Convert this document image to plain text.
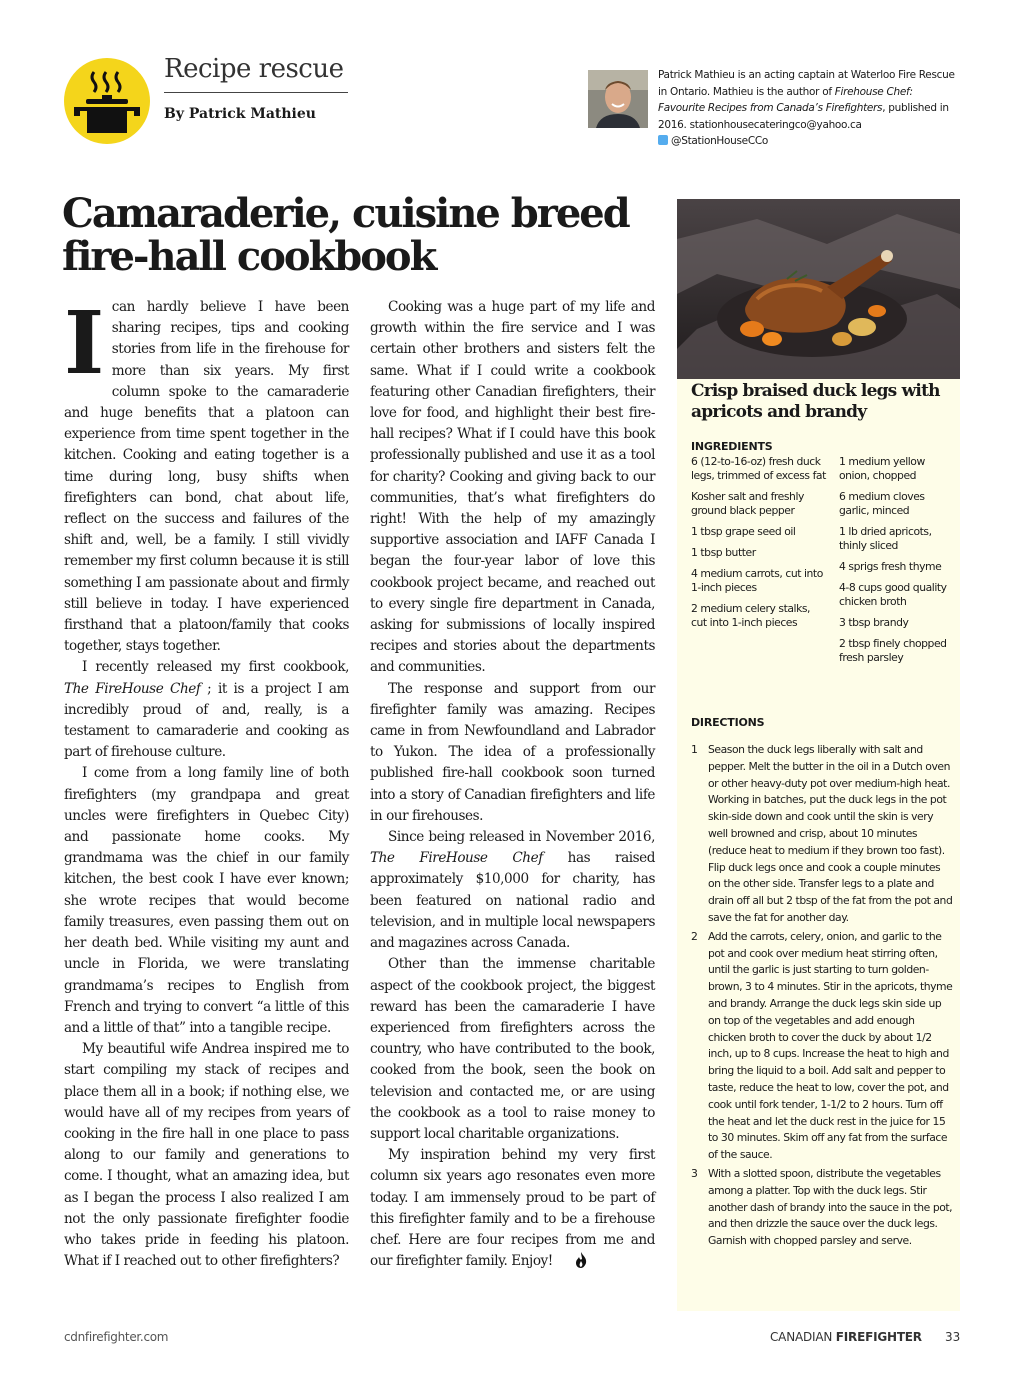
Recipe rescue
By Patrick Mathieu
Patrick Mathieu is an acting captain at Waterloo Fire Rescue in Ontario. Mathieu is the author of Firehouse Chef: Favourite Recipes from Canada’s Firefighters, published in 2016. stationhousecateringco@yahoo.ca
@StationHouseCCo
Camaraderie, cuisine breed fire-hall cookbook

Ican hardly believe I have been sharing recipes, tips and cooking stories from life in the firehouse for more than six years. My first column spoke to the camaraderie and huge benefits that a platoon can experience from time spent together in the kitchen. Cooking and eating together is a time during long, busy shifts when firefighters can bond, chat about life, reflect on the success and failures of the shift and, well, be a family. I still vividly remember my first column because it is still something I am passionate about and firmly still believe in today. I have experienced firsthand that a platoon/family that cooks together, stays together.

I recently released my first cookbook, The FireHouse Chef ; it is a project I am incredibly proud of and, really, is a testament to camaraderie and cooking as part of firehouse culture.

I come from a long family line of both firefighters (my grandpapa and great uncles were firefighters in Quebec City) and passionate home cooks. My grandmama was the chief in our family kitchen, the best cook I have ever known; she wrote recipes that would become family treasures, even passing them out on her death bed. While visiting my aunt and uncle in Florida, we were translating grandmama’s recipes to English from French and trying to convert “a little of this and a little of that” into a tangible recipe.

My beautiful wife Andrea inspired me to start compiling my stack of recipes and place them all in a book; if nothing else, we would have all of my recipes from years of cooking in the fire hall in one place to pass along to our family and generations to come. I thought, what an amazing idea, but as I began the process I also realized I am not the only passionate firefighter foodie who takes pride in feeding his platoon. What if I reached out to other firefighters?

Cooking was a huge part of my life and growth within the fire service and I was certain other brothers and sisters felt the same. What if I could write a cookbook featuring other Canadian firefighters, their love for food, and highlight their best fire-hall recipes? What if I could have this book professionally published and use it as a tool for charity? Cooking and giving back to our communities, that’s what firefighters do right! With the help of my amazingly supportive association and IAFF Canada I began the four-year labor of love this cookbook project became, and reached out to every single fire department in Canada, asking for submissions of locally inspired recipes and stories about the departments and communities.

The response and support from our firefighter family was amazing. Recipes came in from Newfoundland and Labrador to Yukon. The idea of a professionally published fire-hall cookbook soon turned into a story of Canadian firefighters and life in our firehouses.

Since being released in November 2016, The FireHouse Chef has raised approximately $10,000 for charity, has been featured on national radio and television, and in multiple local newspapers and magazines across Canada.

Other than the immense charitable aspect of the cookbook project, the biggest reward has been the camaraderie I have experienced from firefighters across the country, who have contributed to the book, cooked from the book, seen the book on television and contacted me, or are using the cookbook as a tool to raise money to support local charitable organizations.

My inspiration behind my very first column six years ago resonates even more today. I am immensely proud to be part of this firefighter family and to be a firehouse chef. Here are four recipes from me and our firefighter family. Enjoy!

Crisp braised duck legs with apricots and brandy
INGREDIENTS
6 (12-to-16-oz) fresh duck legs, trimmed of excess fat
Kosher salt and freshly ground black pepper
1 tbsp grape seed oil
1 tbsp butter
4 medium carrots, cut into 1-inch pieces
2 medium celery stalks, cut into 1-inch pieces
1 medium yellow onion, chopped
6 medium cloves garlic, minced
1 lb dried apricots, thinly sliced
4 sprigs fresh thyme
4-8 cups good quality chicken broth
3 tbsp brandy
2 tbsp finely chopped fresh parsley
DIRECTIONS
1 Season the duck legs liberally with salt and pepper. Melt the butter in the oil in a Dutch oven or other heavy-duty pot over medium-high heat. Working in batches, put the duck legs in the pot skin-side down and cook until the skin is very well browned and crisp, about 10 minutes (reduce heat to medium if they brown too fast). Flip duck legs once and cook a couple minutes on the other side. Transfer legs to a plate and drain off all but 2 tbsp of the fat from the pot and save the fat for another day.
2 Add the carrots, celery, onion, and garlic to the pot and cook over medium heat stirring often, until the garlic is just starting to turn golden-brown, 3 to 4 minutes. Stir in the apricots, thyme and brandy. Arrange the duck legs skin side up on top of the vegetables and add enough chicken broth to cover the duck by about 1/2 inch, up to 8 cups. Increase the heat to high and bring the liquid to a boil. Add salt and pepper to taste, reduce the heat to low, cover the pot, and cook until fork tender, 1-1/2 to 2 hours. Turn off the heat and let the duck rest in the juice for 15 to 30 minutes. Skim off any fat from the surface of the sauce.
3 With a slotted spoon, distribute the vegetables among a platter. Top with the duck legs. Stir another dash of brandy into the sauce in the pot, and then drizzle the sauce over the duck legs. Garnish with chopped parsley and serve.
cdnfirefighter.com	CANADIAN FIREFIGHTER 33
